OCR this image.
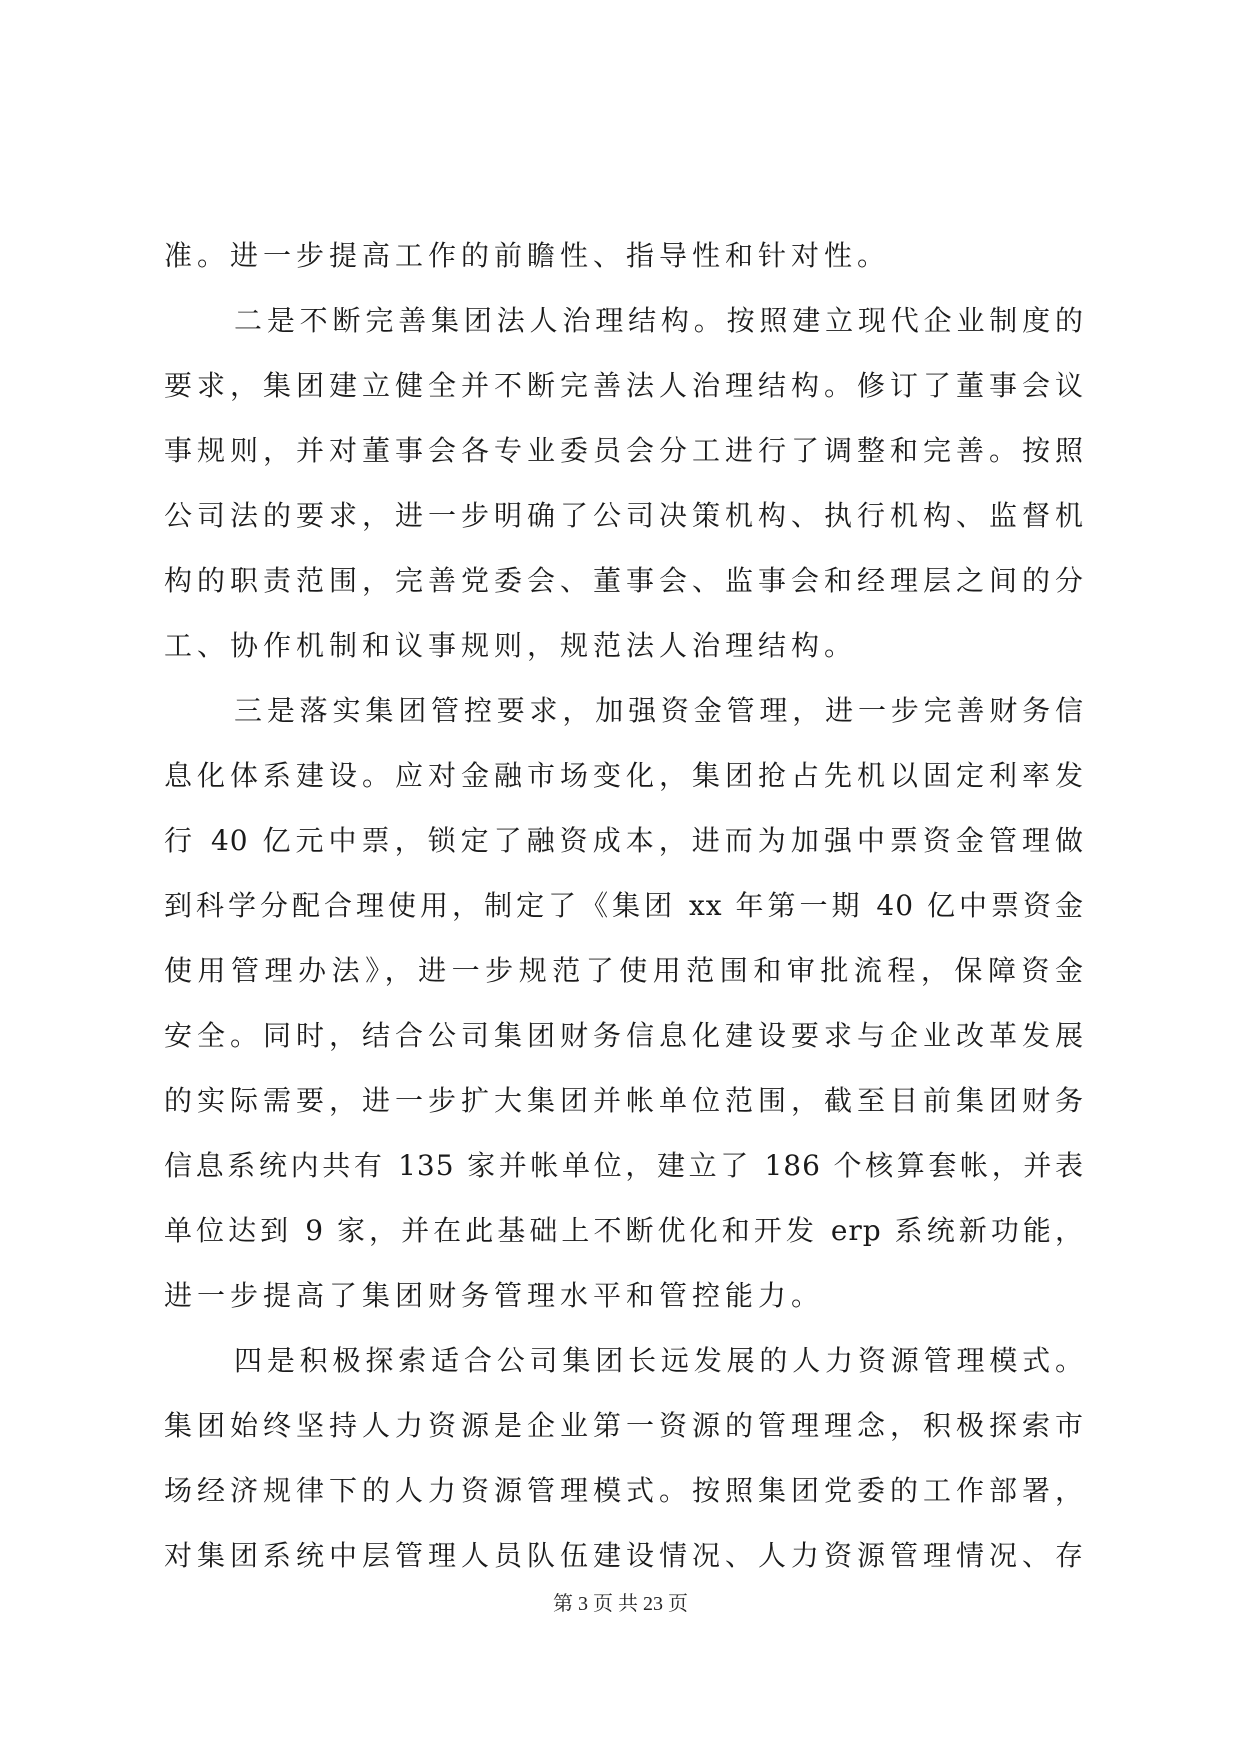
准。进一步提高工作的前瞻性、指导性和针对性。
二是不断完善集团法人治理结构。按照建立现代企业制度的
要求，集团建立健全并不断完善法人治理结构。修订了董事会议
事规则，并对董事会各专业委员会分工进行了调整和完善。按照
公司法的要求，进一步明确了公司决策机构、执行机构、监督机
构的职责范围，完善党委会、董事会、监事会和经理层之间的分
工、协作机制和议事规则，规范法人治理结构。
三是落实集团管控要求，加强资金管理，进一步完善财务信
息化体系建设。应对金融市场变化，集团抢占先机以固定利率发
行 40 亿元中票，锁定了融资成本，进而为加强中票资金管理做
到科学分配合理使用，制定了《集团 xx 年第一期 40 亿中票资金
使用管理办法》，进一步规范了使用范围和审批流程，保障资金
安全。同时，结合公司集团财务信息化建设要求与企业改革发展
的实际需要，进一步扩大集团并帐单位范围，截至目前集团财务
信息系统内共有 135 家并帐单位，建立了 186 个核算套帐，并表
单位达到 9 家，并在此基础上不断优化和开发 erp 系统新功能，
进一步提高了集团财务管理水平和管控能力。
四是积极探索适合公司集团长远发展的人力资源管理模式。
集团始终坚持人力资源是企业第一资源的管理理念，积极探索市
场经济规律下的人力资源管理模式。按照集团党委的工作部署，
对集团系统中层管理人员队伍建设情况、人力资源管理情况、存
第 3 页 共 23 页
